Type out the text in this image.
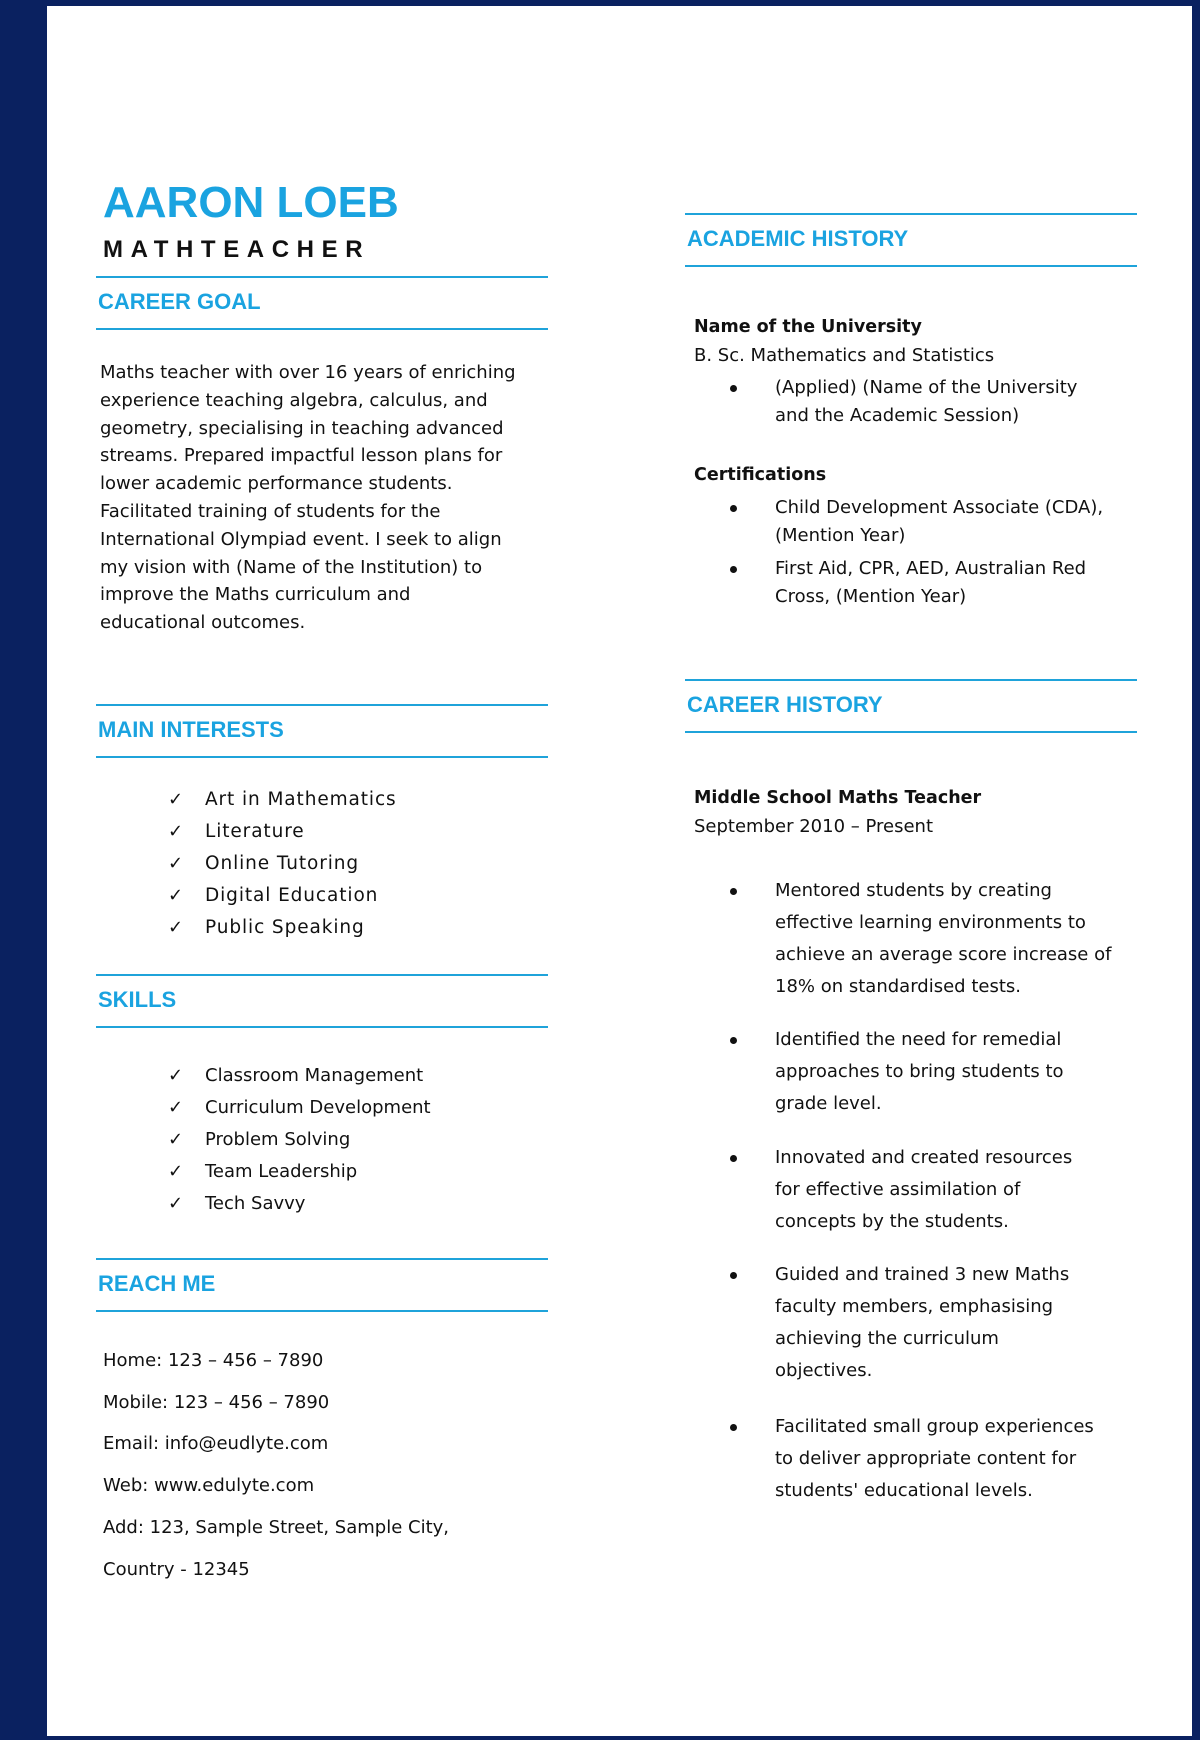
AARON LOEB
MATHTEACHER
CAREER GOAL
Maths teacher with over 16 years of enriching experience teaching algebra, calculus, and geometry, specialising in teaching advanced streams. Prepared impactful lesson plans for lower academic performance students. Facilitated training of students for the International Olympiad event. I seek to align my vision with (Name of the Institution) to improve the Maths curriculum and educational outcomes.
MAIN INTERESTS
✓ Art in Mathematics
✓ Literature
✓ Online Tutoring
✓ Digital Education
✓ Public Speaking
SKILLS
✓ Classroom Management
✓ Curriculum Development
✓ Problem Solving
✓ Team Leadership
✓ Tech Savvy
REACH ME
Home: 123 – 456 – 7890
Mobile: 123 – 456 – 7890
Email: info@eudlyte.com
Web: www.edulyte.com
Add: 123, Sample Street, Sample City,
Country - 12345
ACADEMIC HISTORY
Name of the University
B. Sc. Mathematics and Statistics
(Applied) (Name of the University and the Academic Session)
Certifications
Child Development Associate (CDA), (Mention Year)
First Aid, CPR, AED, Australian Red Cross, (Mention Year)
CAREER HISTORY
Middle School Maths Teacher
September 2010 – Present
Mentored students by creating effective learning environments to achieve an average score increase of 18% on standardised tests.
Identified the need for remedial approaches to bring students to grade level.
Innovated and created resources for effective assimilation of concepts by the students.
Guided and trained 3 new Maths faculty members, emphasising achieving the curriculum objectives.
Facilitated small group experiences to deliver appropriate content for students' educational levels.
